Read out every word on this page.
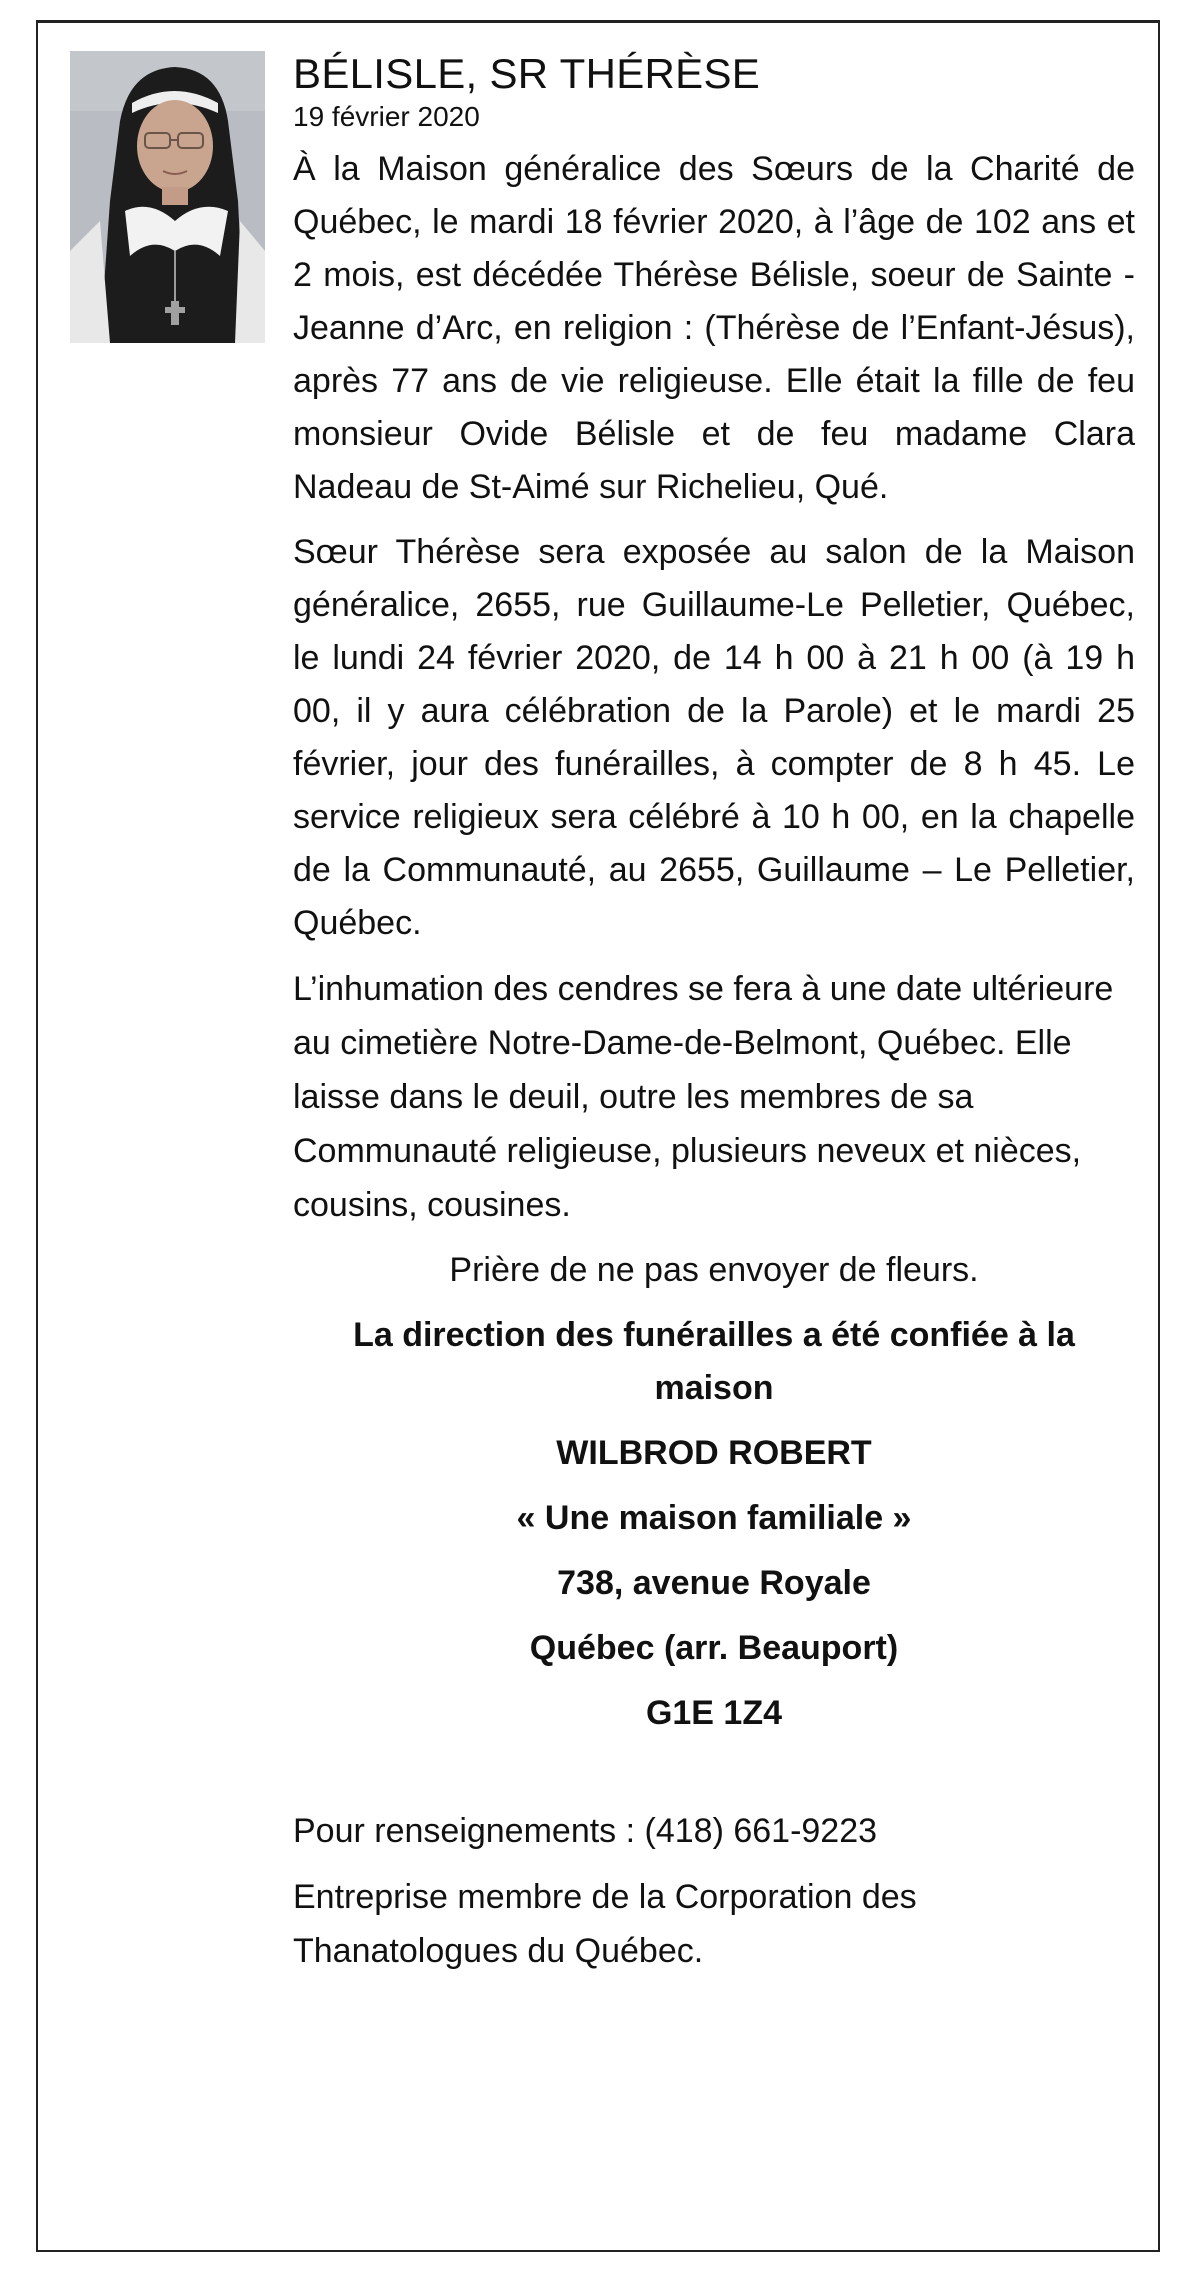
BÉLISLE, SR THÉRÈSE

19 février 2020

À la Maison généralice des Sœurs de la Charité de Québec, le mardi 18 février 2020, à l’âge de 102 ans et 2 mois, est décédée Thérèse Bélisle, soeur de Sainte - Jeanne d’Arc, en religion : (Thérèse de l’Enfant-Jésus), après 77 ans de vie religieuse. Elle était la fille de feu monsieur Ovide Bélisle et de feu madame Clara Nadeau de St-Aimé sur Richelieu, Qué.

Sœur Thérèse sera exposée au salon de la Maison généralice, 2655, rue Guillaume-Le Pelletier, Québec, le lundi 24 février 2020, de 14 h 00 à 21 h 00 (à 19 h 00, il y aura célébration de la Parole) et le mardi 25 février, jour des funérailles, à compter de 8 h 45. Le service religieux sera célébré à 10 h 00, en la chapelle de la Communauté, au 2655, Guillaume – Le Pelletier, Québec.

L’inhumation des cendres se fera à une date ultérieure au cimetière Notre-Dame-de-Belmont, Québec. Elle laisse dans le deuil, outre les membres de sa Communauté religieuse, plusieurs neveux et nièces, cousins, cousines.

Prière de ne pas envoyer de fleurs.

La direction des funérailles a été confiée à la maison

WILBROD ROBERT

« Une maison familiale »

738, avenue Royale

Québec (arr. Beauport)

G1E 1Z4

Pour renseignements : (418) 661-9223

Entreprise membre de la Corporation des Thanatologues du Québec.
